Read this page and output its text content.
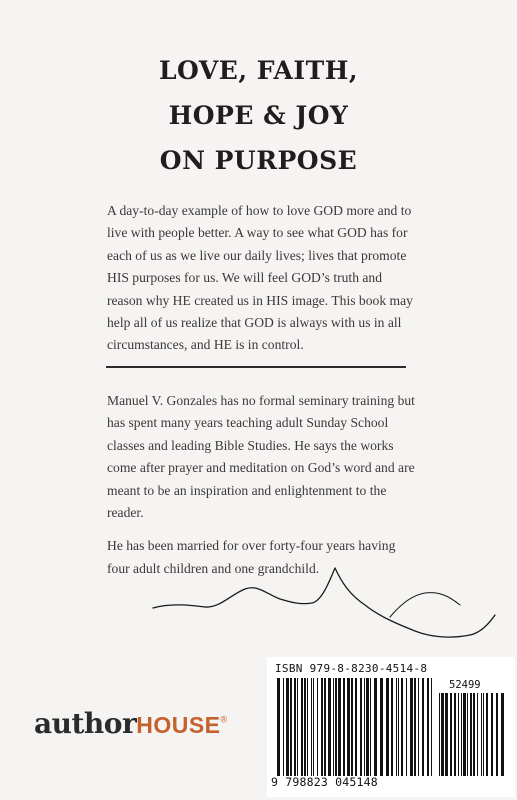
LOVE, FAITH,
HOPE & JOY
ON PURPOSE
A day-to-day example of how to love GOD more and to live with people better. A way to see what GOD has for each of us as we live our daily lives; lives that promote HIS purposes for us. We will feel GOD’s truth and reason why HE created us in HIS image. This book may help all of us realize that GOD is always with us in all circumstances, and HE is in control.

Manuel V. Gonzales has no formal seminary training but has spent many years teaching adult Sunday School classes and leading Bible Studies. He says the works come after prayer and meditation on God’s word and are meant to be an inspiration and enlightenment to the reader.

He has been married for over forty-four years having four adult children and one grandchild.

authorHOUSE®
ISBN 979-8-8230-4514-8
52499
9 798823 045148
